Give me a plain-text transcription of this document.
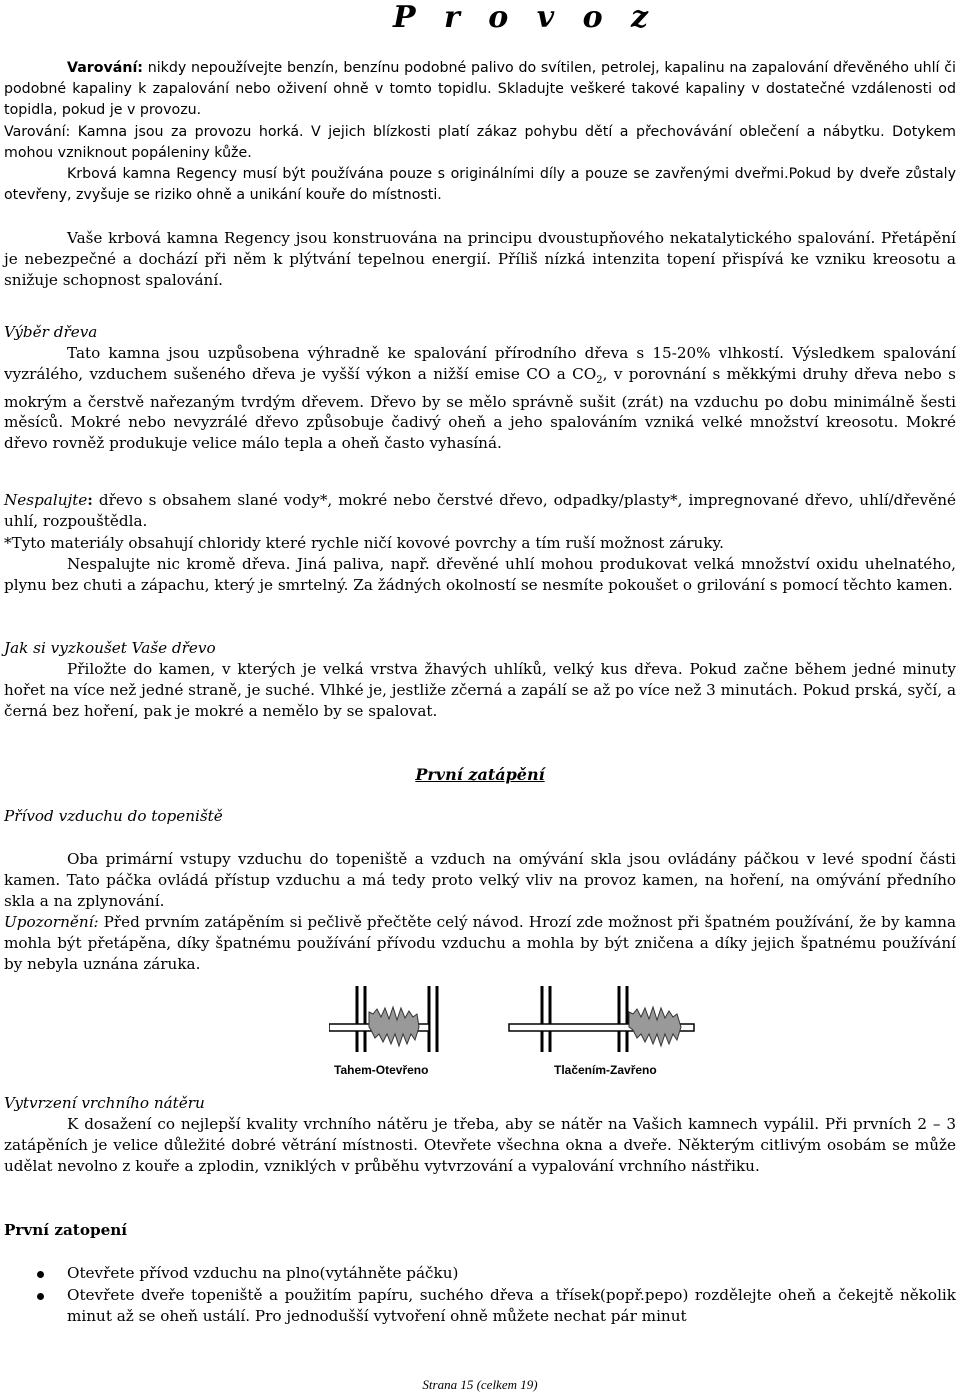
P r o v o z
Varování: nikdy nepoužívejte benzín, benzínu podobné palivo do svítilen, petrolej, kapalinu na zapalování dřevěného uhlí či podobné kapaliny k zapalování nebo oživení ohně v tomto topidlu. Skladujte veškeré takové kapaliny v dostatečné vzdálenosti od topidla, pokud je v provozu.
Varování: Kamna jsou za provozu horká. V jejich blízkosti platí zákaz pohybu dětí a přechovávání oblečení a nábytku. Dotykem mohou vzniknout popáleniny kůže.
Krbová kamna Regency musí být používána pouze s originálními díly a pouze se zavřenými dveřmi.Pokud by dveře zůstaly otevřeny, zvyšuje se riziko ohně a unikání kouře do místnosti.
Vaše krbová kamna Regency jsou konstruována na principu dvoustupňového nekatalytického spalování. Přetápění je nebezpečné a dochází při něm k plýtvání tepelnou energií. Příliš nízká intenzita topení přispívá ke vzniku kreosotu a snižuje schopnost spalování.
Výběr dřeva
Tato kamna jsou uzpůsobena výhradně ke spalování přírodního dřeva s 15-20% vlhkostí. Výsledkem spalování vyzrálého, vzduchem sušeného dřeva je vyšší výkon a nižší emise CO a $CO_2$, v porovnání s měkkými druhy dřeva nebo s mokrým a čerstvě nařezaným tvrdým dřevem. Dřevo by se mělo správně sušit (zrát) na vzduchu po dobu minimálně šesti měsíců. Mokré nebo nevyzrálé dřevo způsobuje čadivý oheň a jeho spalováním vzniká velké množství kreosotu. Mokré dřevo rovněž produkuje velice málo tepla a oheň často vyhasíná.
Nespalujte: dřevo s obsahem slané vody*, mokré nebo čerstvé dřevo, odpadky/plasty*, impregnované dřevo, uhlí/dřevěné uhlí, rozpouštědla.
*Tyto materiály obsahují chloridy které rychle ničí kovové povrchy a tím ruší možnost záruky.
Nespalujte nic kromě dřeva. Jiná paliva, např. dřevěné uhlí mohou produkovat velká množství oxidu uhelnatého, plynu bez chuti a zápachu, který je smrtelný. Za žádných okolností se nesmíte pokoušet o grilování s pomocí těchto kamen.
Jak si vyzkoušet Vaše dřevo
Přiložte do kamen, v kterých je velká vrstva žhavých uhlíků, velký kus dřeva. Pokud začne během jedné minuty hořet na více než jedné straně, je suché. Vlhké je, jestliže zčerná a zapálí se až po více než 3 minutách. Pokud prská, syčí, a černá bez hoření, pak je mokré a nemělo by se spalovat.
První zatápění
Přívod vzduchu do topeniště
Oba primární vstupy vzduchu do topeniště a vzduch na omývání skla jsou ovládány páčkou v levé spodní části kamen. Tato páčka ovládá přístup vzduchu a má tedy proto velký vliv na provoz kamen, na hoření, na omývání předního skla a na zplynování.
Upozornění: Před prvním zatápěním si pečlivě přečtěte celý návod. Hrozí zde možnost při špatném používání, že by kamna mohla být přetápěna, díky špatnému používání přívodu vzduchu a mohla by být zničena a díky jejich špatnému používání by nebyla uznána záruka.
Tahem-Otevřeno	Tlačením-Zavřeno
Vytvrzení vrchního nátěru
K dosažení co nejlepší kvality vrchního nátěru je třeba, aby se nátěr na Vašich kamnech vypálil. Při prvních 2 – 3 zatápěních je velice důležité dobré větrání místnosti. Otevřete všechna okna a dveře. Některým citlivým osobám se může udělat nevolno z kouře a zplodin, vzniklých v průběhu vytvrzování a vypalování vrchního nástřiku.
První zatopení
Otevřete přívod vzduchu na plno(vytáhněte páčku)
Otevřete dveře topeniště a použitím papíru, suchého dřeva a třísek(popř.pepo) rozdělejte oheň a čekejtě několik minut až se oheň ustálí. Pro jednodušší vytvoření ohně můžete nechat pár minut
Strana 15 (celkem 19)
